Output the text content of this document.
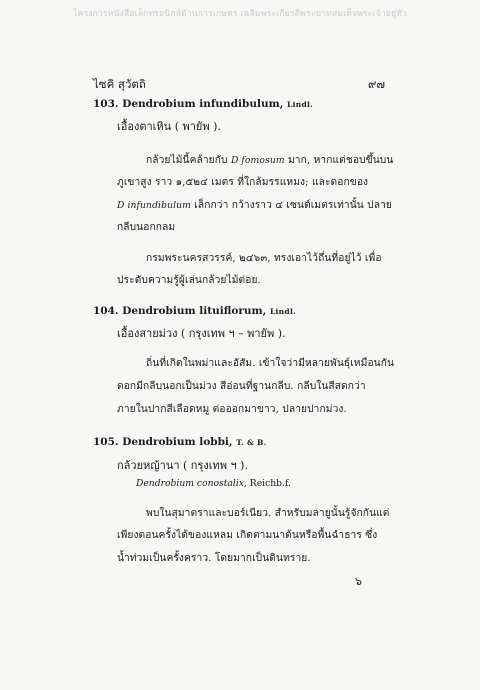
โครงการหนังสือเล็กทรอนิกส์ด้านการเกษตร เฉลิมพระเกียรติพระบาทสมเด็จพระเจ้าอยู่หัว
ไซคิ สุวัตถิ	๙๗
103. Dendrobium infundibulum, Lindl.
เอื้องตาเหิน ( พายัพ ).
กล้วยไม้นี้คล้ายกับ D fomosum มาก, หากแต่ชอบขึ้นบน
ภูเขาสูง ราว ๑,๕๒๔ เมตร ที่ใกล้มรรแหมง; และดอกของ
D infundibulum เล็กกว่า กว้างราว ๔ เซนต์เมตรเท่านั้น ปลาย
กลีบนอกกลม
กรมพระนครสวรรค์, ๒๔๖๓, ทรงเอาไว้ถึ่นที่อยู่ไว้ เพื่อ
ประดับความรู้ผู้เล่นกล้วยไม้ต่อย.
104. Dendrobium lituiflorum, Lindl.
เอื้องสายม่วง ( กรุงเทพ ฯ – พายัพ ).
ถิ่นที่เกิดในพม่าและอัสัม. เข้าใจว่ามีหลายพันธุ์เหมือนกัน
ดอกมีกลีบนอกเป็นม่วง สีอ่อนที่ฐานกลีบ. กลีบในสีสดกว่า
ภายในปากสีเลือดหมู ต่อออกมาขาว, ปลายปากม่วง.
105. Dendrobium lobbi, T. & B.
กล้วยหญ้านา ( กรุงเทพ ฯ ).
Dendrobium conostalix, Reichb.f.
พบในสุมาตราและบอร์เนียว. สำหรับมลายูนั้นรู้จักกันแต่
เพียงตอนครั้งได้ของแหลม เกิดตามนาต้นหรือพื้นฉำธาร ซึ่ง
น้ำท่วมเป็นครั้งคราว. โดยมากเป็นดินทราย.
๖
